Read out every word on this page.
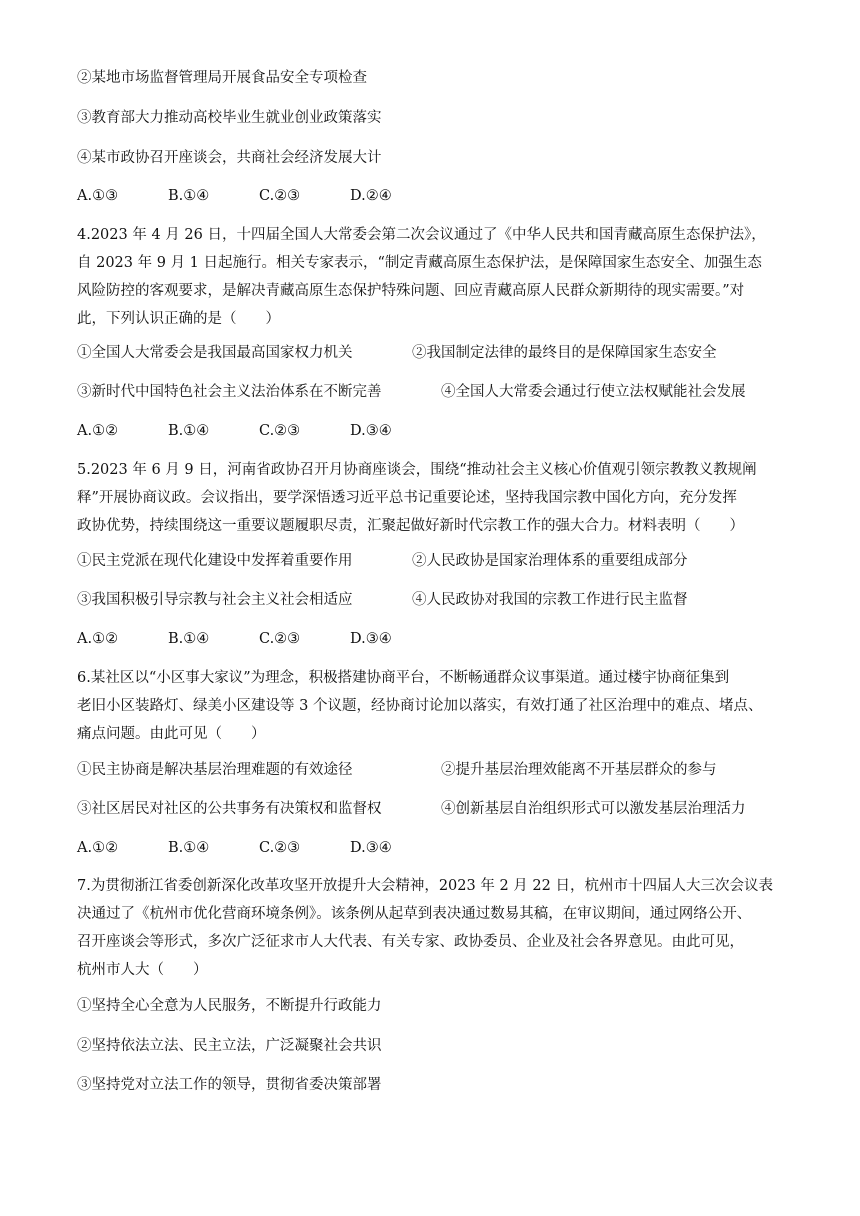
②某地市场监督管理局开展食品安全专项检查
③教育部大力推动高校毕业生就业创业政策落实
④某市政协召开座谈会，共商社会经济发展大计
A.①③	B.①④	C.②③	D.②④
4.2023 年 4 月 26 日，十四届全国人大常委会第二次会议通过了《中华人民共和国青藏高原生态保护法》，
自 2023 年 9 月 1 日起施行。相关专家表示，“制定青藏高原生态保护法，是保障国家生态安全、加强生态
风险防控的客观要求，是解决青藏高原生态保护特殊问题、回应青藏高原人民群众新期待的现实需要。”对
此，下列认识正确的是（　　）
①全国人大常委会是我国最高国家权力机关	②我国制定法律的最终目的是保障国家生态安全
③新时代中国特色社会主义法治体系在不断完善	④全国人大常委会通过行使立法权赋能社会发展
A.①②	B.①④	C.②③	D.③④
5.2023 年 6 月 9 日，河南省政协召开月协商座谈会，围绕“推动社会主义核心价值观引领宗教教义教规阐
释”开展协商议政。会议指出，要学深悟透习近平总书记重要论述，坚持我国宗教中国化方向，充分发挥
政协优势，持续围绕这一重要议题履职尽责，汇聚起做好新时代宗教工作的强大合力。材料表明（　　）
①民主党派在现代化建设中发挥着重要作用	②人民政协是国家治理体系的重要组成部分
③我国积极引导宗教与社会主义社会相适应	④人民政协对我国的宗教工作进行民主监督
A.①②	B.①④	C.②③	D.③④
6.某社区以“小区事大家议”为理念，积极搭建协商平台，不断畅通群众议事渠道。通过楼宇协商征集到
老旧小区装路灯、绿美小区建设等 3 个议题，经协商讨论加以落实，有效打通了社区治理中的难点、堵点、
痛点问题。由此可见（　　）
①民主协商是解决基层治理难题的有效途径	②提升基层治理效能离不开基层群众的参与
③社区居民对社区的公共事务有决策权和监督权	④创新基层自治组织形式可以激发基层治理活力
A.①②	B.①④	C.②③	D.③④
7.为贯彻浙江省委创新深化改革攻坚开放提升大会精神，2023 年 2 月 22 日，杭州市十四届人大三次会议表
决通过了《杭州市优化营商环境条例》。该条例从起草到表决通过数易其稿，在审议期间，通过网络公开、
召开座谈会等形式，多次广泛征求市人大代表、有关专家、政协委员、企业及社会各界意见。由此可见，
杭州市人大（　　）
①坚持全心全意为人民服务，不断提升行政能力
②坚持依法立法、民主立法，广泛凝聚社会共识
③坚持党对立法工作的领导，贯彻省委决策部署
